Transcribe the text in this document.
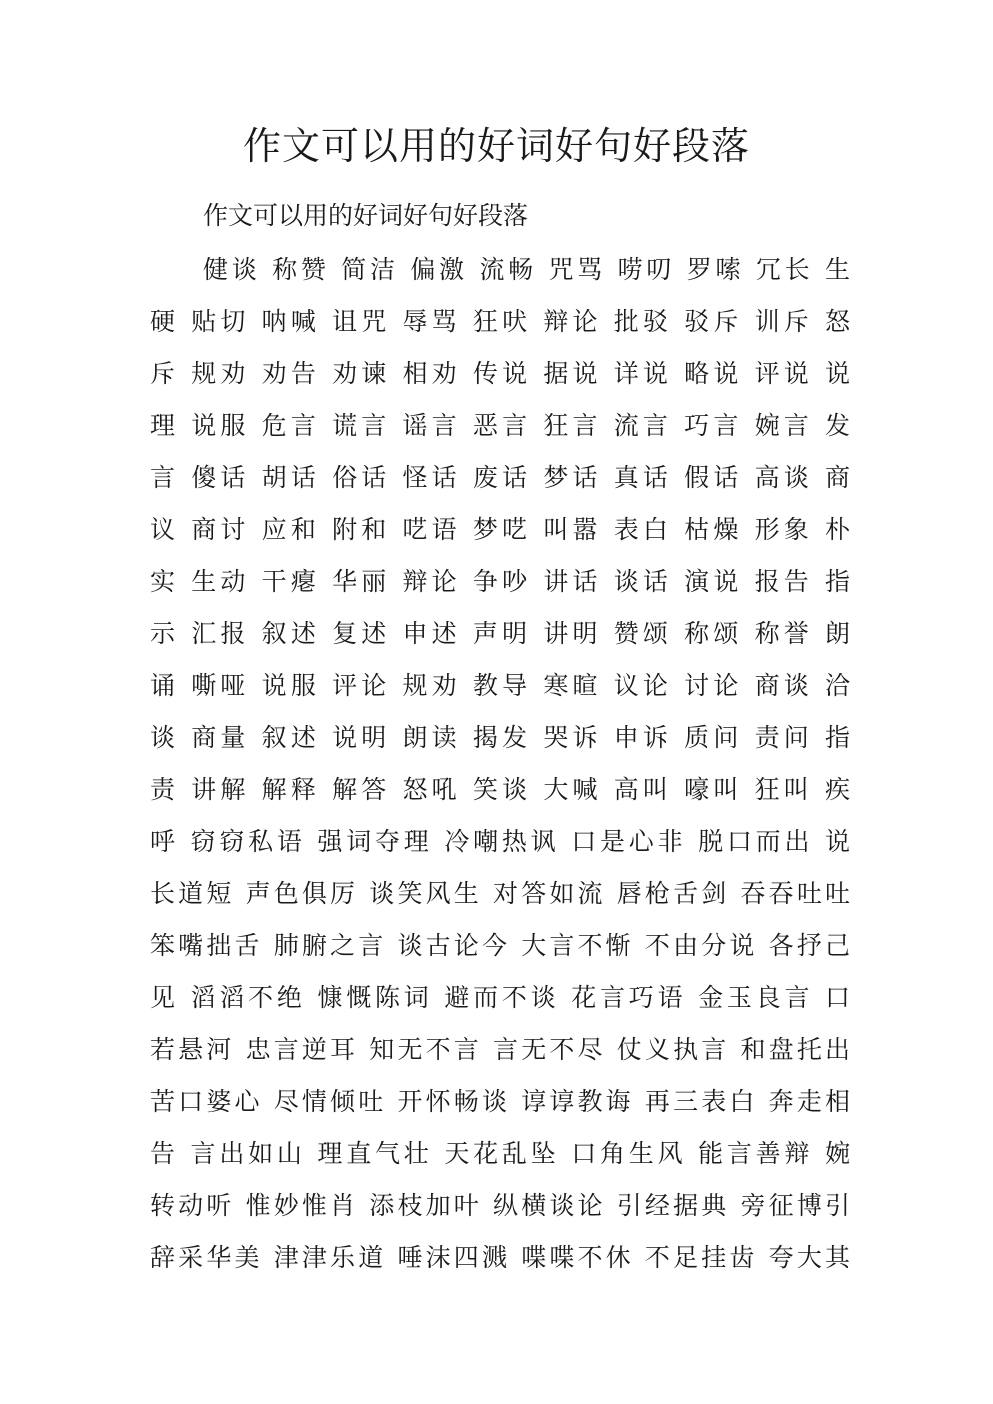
作文可以用的好词好句好段落
作文可以用的好词好句好段落
健谈 称赞 简洁 偏激 流畅 咒骂 唠叨 罗嗦 冗长 生
硬 贴切 呐喊 诅咒 辱骂 狂吠 辩论 批驳 驳斥 训斥 怒
斥 规劝 劝告 劝谏 相劝 传说 据说 详说 略说 评说 说
理 说服 危言 谎言 谣言 恶言 狂言 流言 巧言 婉言 发
言 傻话 胡话 俗话 怪话 废话 梦话 真话 假话 高谈 商
议 商讨 应和 附和 呓语 梦呓 叫嚣 表白 枯燥 形象 朴
实 生动 干瘪 华丽 辩论 争吵 讲话 谈话 演说 报告 指
示 汇报 叙述 复述 申述 声明 讲明 赞颂 称颂 称誉 朗
诵 嘶哑 说服 评论 规劝 教导 寒暄 议论 讨论 商谈 洽
谈 商量 叙述 说明 朗读 揭发 哭诉 申诉 质问 责问 指
责 讲解 解释 解答 怒吼 笑谈 大喊 高叫 嚎叫 狂叫 疾
呼 窃窃私语 强词夺理 冷嘲热讽 口是心非 脱口而出 说
长道短 声色俱厉 谈笑风生 对答如流 唇枪舌剑 吞吞吐吐
笨嘴拙舌 肺腑之言 谈古论今 大言不惭 不由分说 各抒己
见 滔滔不绝 慷慨陈词 避而不谈 花言巧语 金玉良言 口
若悬河 忠言逆耳 知无不言 言无不尽 仗义执言 和盘托出
苦口婆心 尽情倾吐 开怀畅谈 谆谆教诲 再三表白 奔走相
告 言出如山 理直气壮 天花乱坠 口角生风 能言善辩 婉
转动听 惟妙惟肖 添枝加叶 纵横谈论 引经据典 旁征博引
辞采华美 津津乐道 唾沫四溅 喋喋不休 不足挂齿 夸大其
